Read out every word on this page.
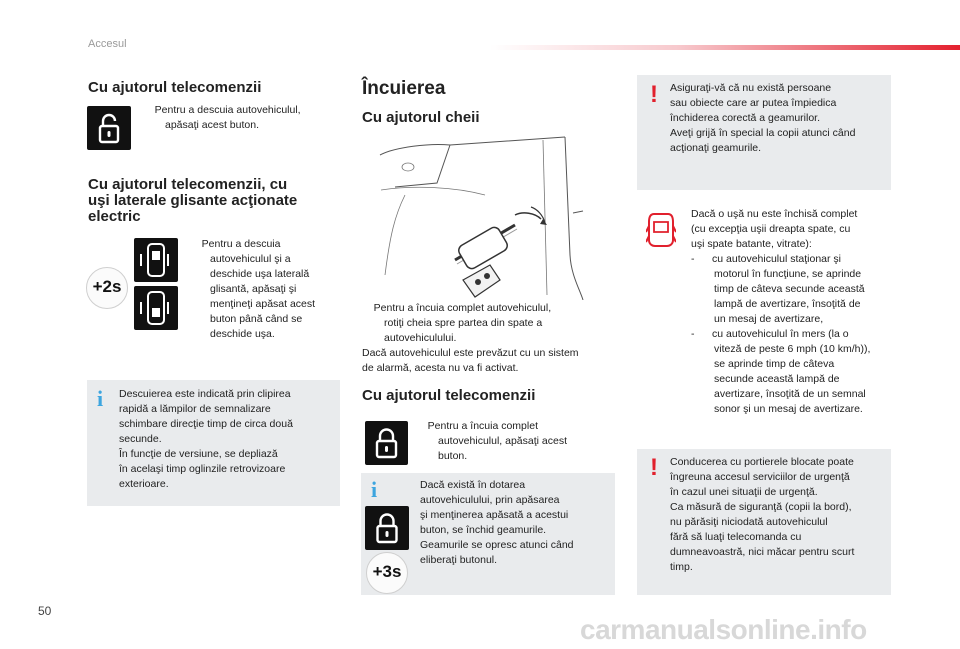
Accesul
Cu ajutorul telecomenzii
Pentru a descuia autovehiculul,
apăsaţi acest buton.
Cu ajutorul telecomenzii, cu
uşi laterale glisante acţionate
electric
+2s
Pentru a descuia
autovehiculul şi a
deschide uşa laterală
glisantă, apăsaţi şi
menţineţi apăsat acest
buton până când se
deschide uşa.
i Descuierea este indicată prin clipirea
rapidă a lămpilor de semnalizare
schimbare direcţie timp de circa două
secunde.
În funcţie de versiune, se depliază
în acelaşi timp oglinzile retrovizoare
exterioare.
Încuierea
Cu ajutorul cheii
Pentru a încuia complet autovehiculul,
rotiţi cheia spre partea din spate a
autovehiculului.
Dacă autovehiculul este prevăzut cu un sistem
de alarmă, acesta nu va fi activat.
Cu ajutorul telecomenzii
Pentru a încuia complet
autovehiculul, apăsaţi acest
buton.
i
+3s
Dacă există în dotarea
autovehiculului, prin apăsarea
şi menţinerea apăsată a acestui
buton, se închid geamurile.
Geamurile se opresc atunci când
eliberaţi butonul.
! Asiguraţi-vă că nu există persoane
sau obiecte care ar putea împiedica
închiderea corectă a geamurilor.
Aveţi grijă în special la copii atunci când
acţionaţi geamurile.
Dacă o uşă nu este închisă complet
(cu excepţia uşii dreapta spate, cu
uşi spate batante, vitrate):
- cu autovehiculul staţionar şi
motorul în funcţiune, se aprinde
timp de câteva secunde această
lampă de avertizare, însoţită de
un mesaj de avertizare,
- cu autovehiculul în mers (la o
viteză de peste 6 mph (10 km/h)),
se aprinde timp de câteva
secunde această lampă de
avertizare, însoţită de un semnal
sonor şi un mesaj de avertizare.
! Conducerea cu portierele blocate poate
îngreuna accesul serviciilor de urgenţă
în cazul unei situaţii de urgenţă.
Ca măsură de siguranţă (copii la bord),
nu părăsiţi niciodată autovehiculul
fără să luaţi telecomanda cu
dumneavoastră, nici măcar pentru scurt
timp.
50
carmanualsonline.info
